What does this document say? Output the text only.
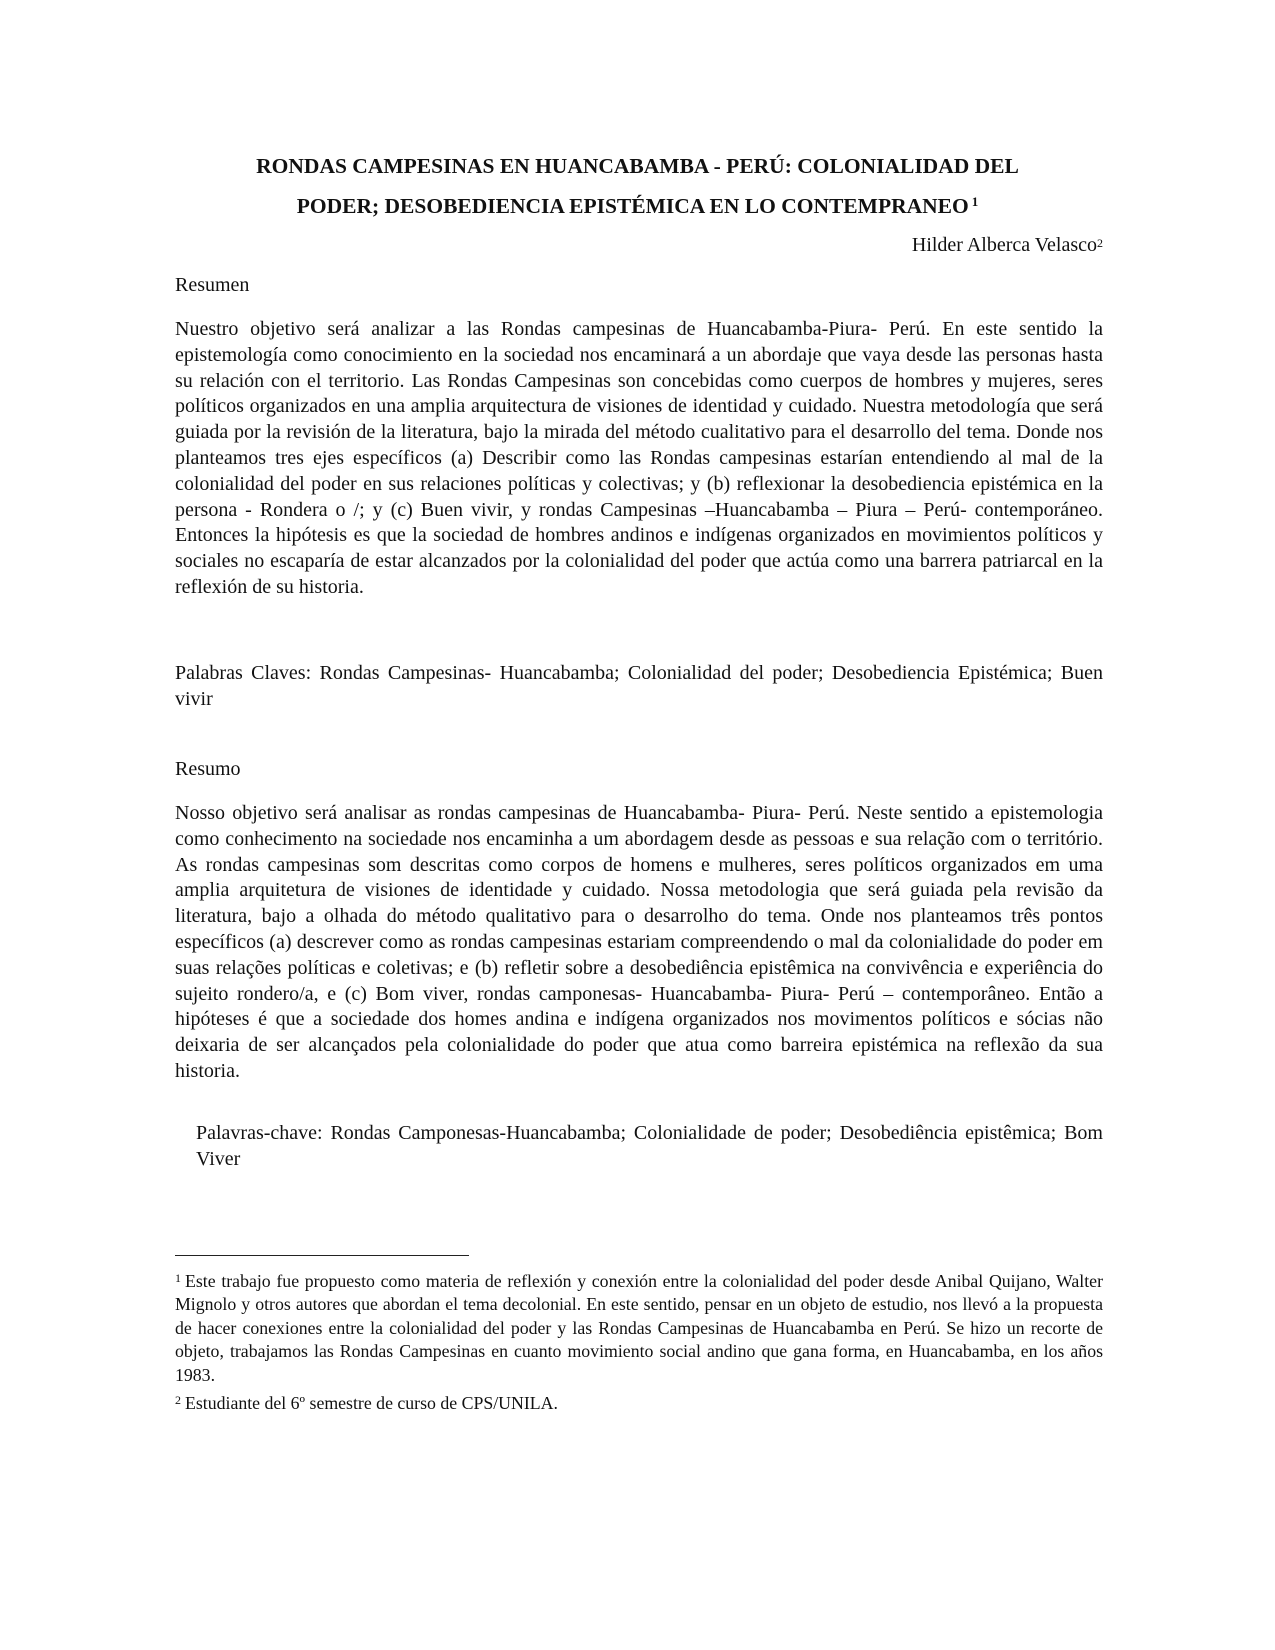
RONDAS CAMPESINAS EN HUANCABAMBA - PERÚ: COLONIALIDAD DEL
PODER; DESOBEDIENCIA EPISTÉMICA EN LO CONTEMPRANEO $^1$
Hilder Alberca Velasco$^2$
Resumen

Nuestro objetivo será analizar a las Rondas campesinas de Huancabamba-Piura- Perú. En este sentido la epistemología como conocimiento en la sociedad nos encaminará a un abordaje que vaya desde las personas hasta su relación con el territorio. Las Rondas Campesinas son concebidas como cuerpos de hombres y mujeres, seres políticos organizados en una amplia arquitectura de visiones de identidad y cuidado. Nuestra metodología que será guiada por la revisión de la literatura, bajo la mirada del método cualitativo para el desarrollo del tema. Donde nos planteamos tres ejes específicos (a) Describir como las Rondas campesinas estarían entendiendo al mal de la colonialidad del poder en sus relaciones políticas y colectivas; y (b) reflexionar la desobediencia epistémica en la persona - Rondera o /; y (c) Buen vivir, y rondas Campesinas –Huancabamba – Piura – Perú- contemporáneo. Entonces la hipótesis es que la sociedad de hombres andinos e indígenas organizados en movimientos políticos y sociales no escaparía de estar alcanzados por la colonialidad del poder que actúa como una barrera patriarcal en la reflexión de su historia.

Palabras Claves: Rondas Campesinas- Huancabamba; Colonialidad del poder; Desobediencia Epistémica; Buen vivir

Resumo

Nosso objetivo será analisar as rondas campesinas de Huancabamba- Piura- Perú. Neste sentido a epistemologia como conhecimento na sociedade nos encaminha a um abordagem desde as pessoas e sua relação com o território. As rondas campesinas som descritas como corpos de homens e mulheres, seres políticos organizados em uma amplia arquitetura de visiones de identidade y cuidado. Nossa metodologia que será guiada pela revisão da literatura, bajo a olhada do método qualitativo para o desarrolho do tema. Onde nos planteamos três pontos específicos (a) descrever como as rondas campesinas estariam compreendendo o mal da colonialidade do poder em suas relações políticas e coletivas; e (b) refletir sobre a desobediência epistêmica na convivência e experiência do sujeito rondero/a, e (c) Bom viver, rondas camponesas- Huancabamba- Piura- Perú – contemporâneo. Então a hipóteses é que a sociedade dos homes andina e indígena organizados nos movimentos políticos e sócias não deixaria de ser alcançados pela colonialidade do poder que atua como barreira epistémica na reflexão da sua historia.

Palavras-chave: Rondas Camponesas-Huancabamba; Colonialidade de poder; Desobediência epistêmica; Bom Viver

$^1$ Este trabajo fue propuesto como materia de reflexión y conexión entre la colonialidad del poder desde Anibal Quijano, Walter Mignolo y otros autores que abordan el tema decolonial. En este sentido, pensar en un objeto de estudio, nos llevó a la propuesta de hacer conexiones entre la colonialidad del poder y las Rondas Campesinas de Huancabamba en Perú. Se hizo un recorte de objeto, trabajamos las Rondas Campesinas en cuanto movimiento social andino que gana forma, en Huancabamba, en los años 1983.

$^2$ Estudiante del 6º semestre de curso de CPS/UNILA.
